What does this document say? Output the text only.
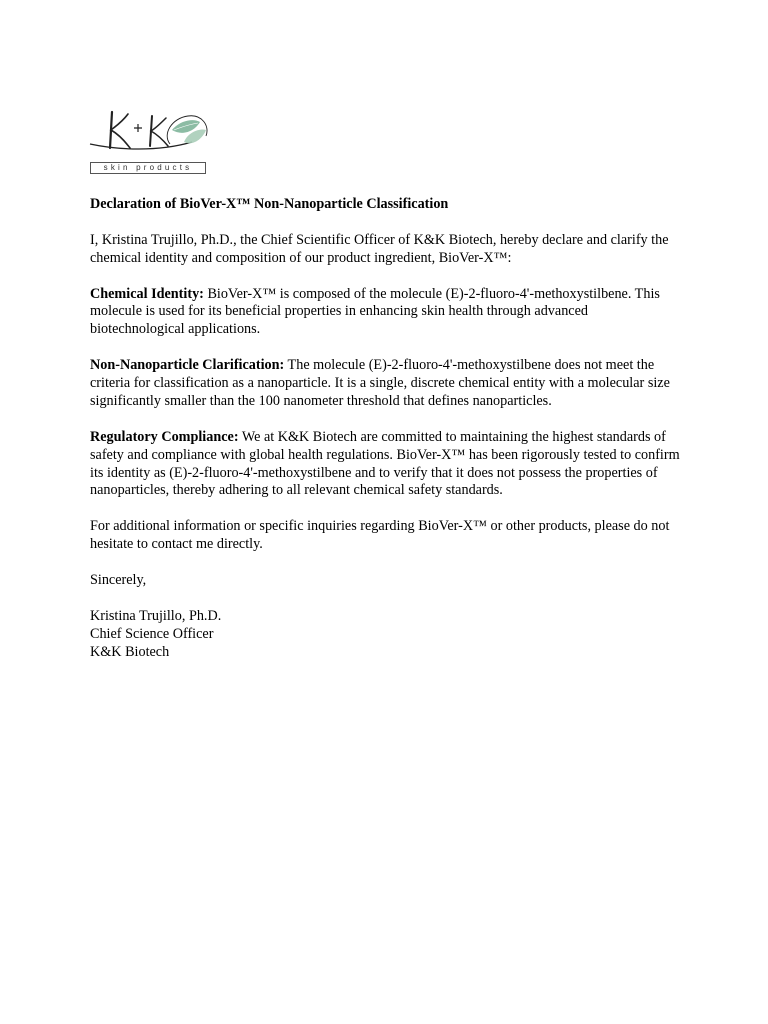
skin products

Declaration of BioVer-X™ Non-Nanoparticle Classification

I, Kristina Trujillo, Ph.D., the Chief Scientific Officer of K&K Biotech, hereby declare and clarify the chemical identity and composition of our product ingredient, BioVer-X™:

Chemical Identity: BioVer-X™ is composed of the molecule (E)-2-fluoro-4'-methoxystilbene. This molecule is used for its beneficial properties in enhancing skin health through advanced biotechnological applications.

Non-Nanoparticle Clarification: The molecule (E)-2-fluoro-4'-methoxystilbene does not meet the criteria for classification as a nanoparticle. It is a single, discrete chemical entity with a molecular size significantly smaller than the 100 nanometer threshold that defines nanoparticles.

Regulatory Compliance: We at K&K Biotech are committed to maintaining the highest standards of safety and compliance with global health regulations. BioVer-X™ has been rigorously tested to confirm its identity as (E)-2-fluoro-4'-methoxystilbene and to verify that it does not possess the properties of nanoparticles, thereby adhering to all relevant chemical safety standards.

For additional information or specific inquiries regarding BioVer-X™ or other products, please do not hesitate to contact me directly.

Sincerely,

Kristina Trujillo, Ph.D.
Chief Science Officer
K&K Biotech
